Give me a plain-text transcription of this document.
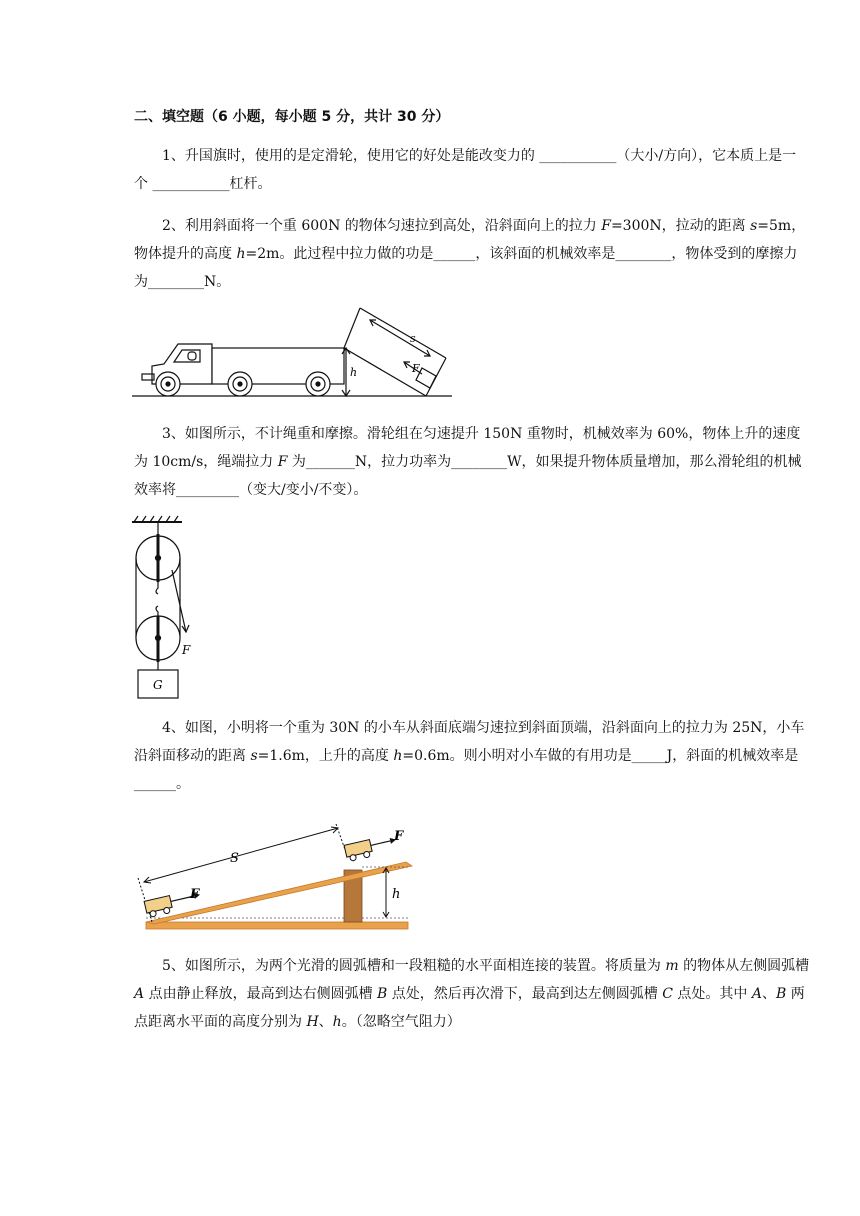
二、填空题（6 小题，每小题 5 分，共计 30 分）

1、升国旗时，使用的是定滑轮，使用它的好处是能改变力的 ___________（大小/方向），它本质上是一个 ___________杠杆。

2、利用斜面将一个重 600N 的物体匀速拉到高处，沿斜面向上的拉力 F=300N，拉动的距离 s=5m，物体提升的高度 h=2m。此过程中拉力做的功是______，该斜面的机械效率是________，物体受到的摩擦力为________N。

s
F
h

3、如图所示，不计绳重和摩擦。滑轮组在匀速提升 150N 重物时，机械效率为 60%，物体上升的速度为 10cm/s，绳端拉力 F 为_______N，拉力功率为________W，如果提升物体质量增加，那么滑轮组的机械效率将_________（变大/变小/不变）。

F
G

4、如图，小明将一个重为 30N 的小车从斜面底端匀速拉到斜面顶端，沿斜面向上的拉力为 25N，小车沿斜面移动的距离 s=1.6m，上升的高度 h=0.6m。则小明对小车做的有用功是_____J，斜面的机械效率是______。

S
F
F
h

5、如图所示，为两个光滑的圆弧槽和一段粗糙的水平面相连接的装置。将质量为 m 的物体从左侧圆弧槽 A 点由静止释放，最高到达右侧圆弧槽 B 点处，然后再次滑下，最高到达左侧圆弧槽 C 点处。其中 A、B 两点距离水平面的高度分别为 H、h。（忽略空气阻力）
